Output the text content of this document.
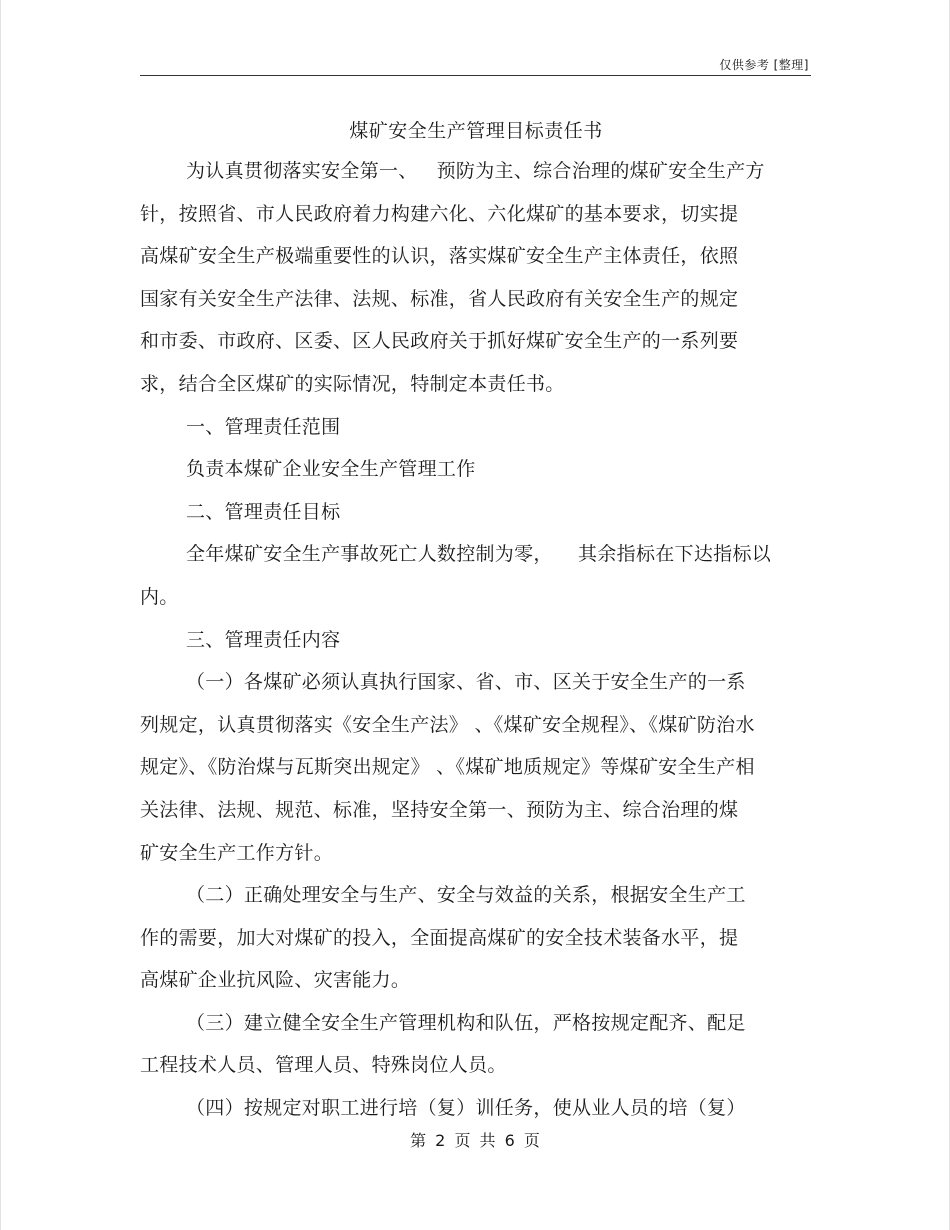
仅供参考 [整理]
煤矿安全生产管理目标责任书
为认真贯彻落实安全第一、   预防为主、综合治理的煤矿安全生产方
针，按照省、市人民政府着力构建六化、六化煤矿的基本要求，切实提
高煤矿安全生产极端重要性的认识，落实煤矿安全生产主体责任，依照
国家有关安全生产法律、法规、标准，省人民政府有关安全生产的规定
和市委、市政府、区委、区人民政府关于抓好煤矿安全生产的一系列要
求，结合全区煤矿的实际情况，特制定本责任书。
一、管理责任范围
负责本煤矿企业安全生产管理工作
二、管理责任目标
全年煤矿安全生产事故死亡人数控制为零，    其余指标在下达指标以
内。
三、管理责任内容
（一）各煤矿必须认真执行国家、省、市、区关于安全生产的一系
列规定，认真贯彻落实《安全生产法》 、《煤矿安全规程》、《煤矿防治水
规定》、《防治煤与瓦斯突出规定》 、《煤矿地质规定》等煤矿安全生产相
关法律、法规、规范、标准，坚持安全第一、预防为主、综合治理的煤
矿安全生产工作方针。
（二）正确处理安全与生产、安全与效益的关系，根据安全生产工
作的需要，加大对煤矿的投入，全面提高煤矿的安全技术装备水平，提
高煤矿企业抗风险、灾害能力。
（三）建立健全安全生产管理机构和队伍，严格按规定配齐、配足
工程技术人员、管理人员、特殊岗位人员。
（四）按规定对职工进行培（复）训任务，使从业人员的培（复）
第 2 页 共 6 页
